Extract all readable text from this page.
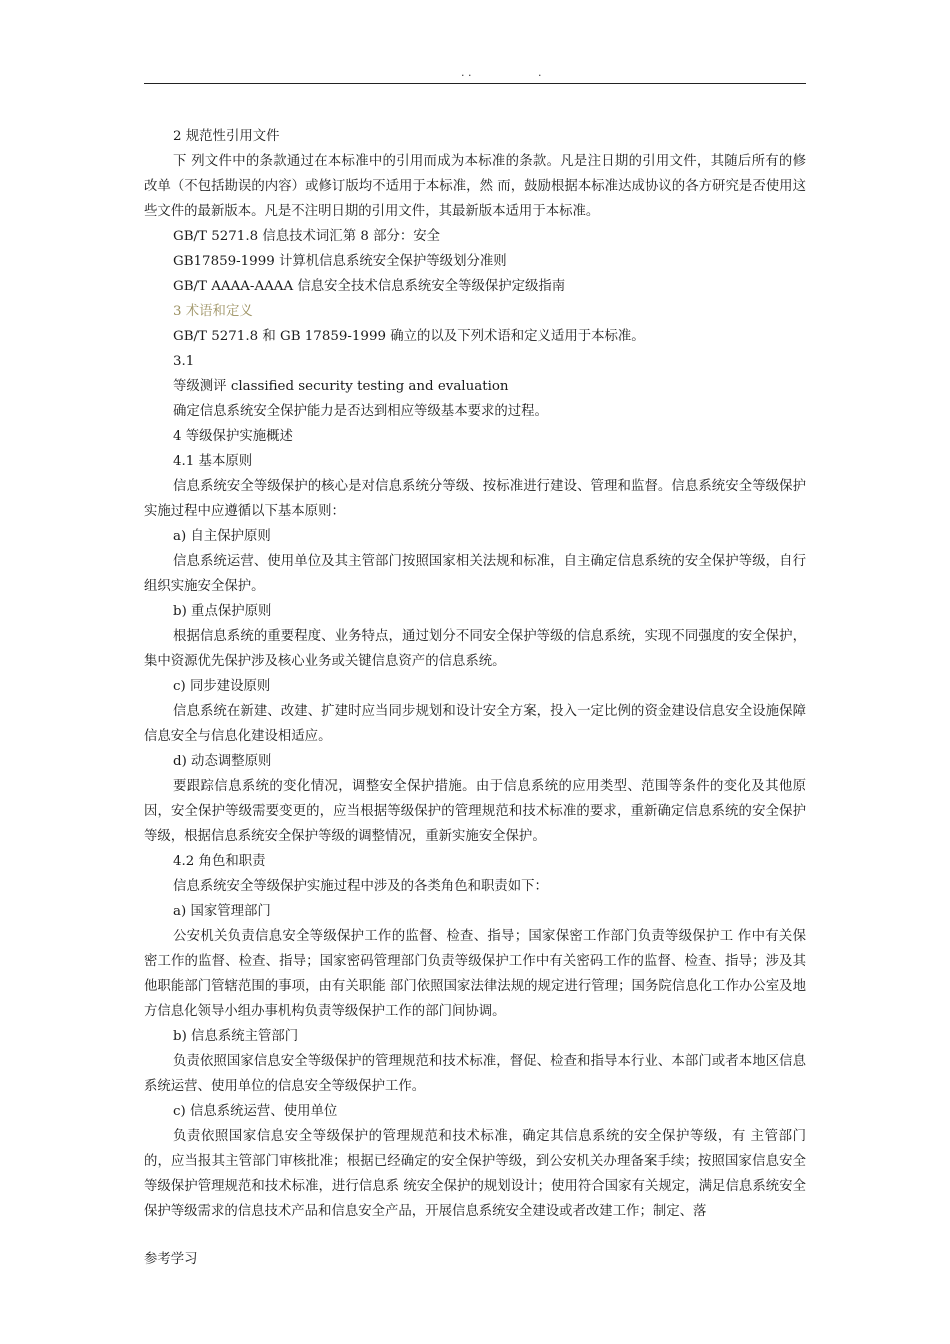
. .	.

2 规范性引用文件

下 列文件中的条款通过在本标准中的引用而成为本标准的条款。凡是注日期的引用文件，其随后所有的修改单（不包括勘误的内容）或修订版均不适用于本标准，然 而，鼓励根据本标准达成协议的各方研究是否使用这些文件的最新版本。凡是不注明日期的引用文件，其最新版本适用于本标准。

GB/T 5271.8 信息技术词汇第 8 部分：安全

GB17859-1999 计算机信息系统安全保护等级划分准则

GB/T AAAA-AAAA 信息安全技术信息系统安全等级保护定级指南

3 术语和定义

GB/T 5271.8 和 GB 17859-1999 确立的以及下列术语和定义适用于本标准。

3.1

等级测评 classified security testing and evaluation

确定信息系统安全保护能力是否达到相应等级基本要求的过程。

4 等级保护实施概述

4.1 基本原则

信息系统安全等级保护的核心是对信息系统分等级、按标准进行建设、管理和监督。信息系统安全等级保护实施过程中应遵循以下基本原则：

a) 自主保护原则

信息系统运营、使用单位及其主管部门按照国家相关法规和标准，自主确定信息系统的安全保护等级，自行组织实施安全保护。

b) 重点保护原则

根据信息系统的重要程度、业务特点，通过划分不同安全保护等级的信息系统，实现不同强度的安全保护，集中资源优先保护涉及核心业务或关键信息资产的信息系统。

c) 同步建设原则

信息系统在新建、改建、扩建时应当同步规划和设计安全方案，投入一定比例的资金建设信息安全设施保障信息安全与信息化建设相适应。

d) 动态调整原则

要跟踪信息系统的变化情况，调整安全保护措施。由于信息系统的应用类型、范围等条件的变化及其他原因，安全保护等级需要变更的，应当根据等级保护的管理规范和技术标准的要求，重新确定信息系统的安全保护等级，根据信息系统安全保护等级的调整情况，重新实施安全保护。

4.2 角色和职责

信息系统安全等级保护实施过程中涉及的各类角色和职责如下：

a) 国家管理部门

公安机关负责信息安全等级保护工作的监督、检查、指导；国家保密工作部门负责等级保护工 作中有关保密工作的监督、检查、指导；国家密码管理部门负责等级保护工作中有关密码工作的监督、检查、指导；涉及其他职能部门管辖范围的事项，由有关职能 部门依照国家法律法规的规定进行管理；国务院信息化工作办公室及地方信息化领导小组办事机构负责等级保护工作的部门间协调。

b) 信息系统主管部门

负责依照国家信息安全等级保护的管理规范和技术标准，督促、检查和指导本行业、本部门或者本地区信息系统运营、使用单位的信息安全等级保护工作。

c) 信息系统运营、使用单位

负责依照国家信息安全等级保护的管理规范和技术标准，确定其信息系统的安全保护等级，有 主管部门的，应当报其主管部门审核批准；根据已经确定的安全保护等级，到公安机关办理备案手续；按照国家信息安全等级保护管理规范和技术标准，进行信息系 统安全保护的规划设计；使用符合国家有关规定，满足信息系统安全保护等级需求的信息技术产品和信息安全产品，开展信息系统安全建设或者改建工作；制定、落

参考学习
